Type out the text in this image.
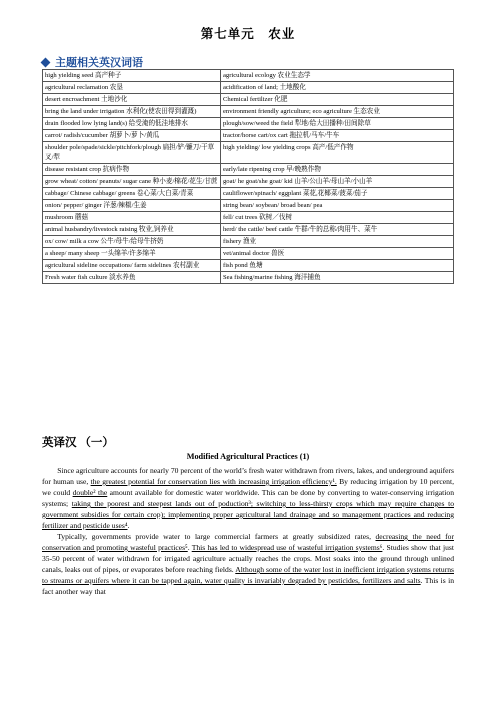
第七单元　农业
主题相关英汉词语
high yielding seed 高产种子	agricultural ecology 农业生态学
agricultural reclamation 农垦	acidification of land; 土地酸化
desert encroachment 土地沙化	Chemical fertilizer 化肥
bring the land under irrigation 水利化(使农田得到灌溉)	environment friendly agriculture; eco agriculture 生态农业
drain flooded low lying land(s) 给受淹的低洼地排水	plough/sow/weed the field 犁地/给大田播种/田间除草
carrot/ radish/cucumber 胡萝卜/萝卜/黄瓜	tractor/horse cart/ox cart 拖拉机/马车/牛车
shoulder pole/spade/sickle/pitchfork/plough 扁担/铲/镰刀/干草叉/犁	high yielding/ low yielding crops 高产/低产作物
disease resistant crop 抗病作物	early/late ripening crop 早/晚熟作物
grow wheat/ cotton/ peanuts/ sugar cane 种小麦/棉花/花生/甘蔗	goat/ he goat/she goat/ kid 山羊/公山羊/母山羊/小山羊
cabbage/ Chinese cabbage/ greens 卷心菜/大白菜/青菜	cauliflower/spinach/ eggplant 菜花,花椰菜/菠菜/茄子
onion/ pepper/ ginger 洋葱/辣椒/生姜	string bean/ soybean/ broad bean/ pea
mushroom 蘑菇	fell/ cut trees 砍树／伐树
animal husbandry/livestock raising 牧业,饲养业	herd/ the cattle/ beef cattle 牛群/牛的总称/肉用牛、菜牛
ox/ cow/ milk a cow 公牛/母牛/给母牛挤奶	fishery 渔业
a sheep/ many sheep 一头绵羊/许多绵羊	vet/animal doctor 兽医
agricultural sideline occupations/ farm sidelines 农村副业	fish pond 鱼塘
Fresh water fish culture 淡水养鱼	Sea fishing/marine fishing 海洋捕鱼
英译汉 （一）
Modified Agricultural Practices (1)

Since agriculture accounts for nearly 70 percent of the world’s fresh water withdrawn from rivers, lakes, and underground aquifers for human use, the greatest potential for conservation lies with increasing irrigation efficiency¹. By reducing irrigation by 10 percent, we could double² the amount available for domestic water worldwide. This can be done by converting to water-conserving irrigation systems; taking the poorest and steepest lands out of poduction³; switching to less-thirsty crops which may require changes to government subsidies for certain crop); implementing proper agricultural land drainage and so management practices and reducing fertilizer and pesticide uses⁴.

Typically, governments provide water to large commercial farmers at greatly subsidized rates, decreasing the need for conservation and promoting wasteful practices⁵. This has led to widespread use of wasteful irrigation systems⁶. Studies show that just 35-50 percent of water withdrawn for irrigated agriculture actually reaches the crops. Most soaks into the ground through unlined canals, leaks out of pipes, or evaporates before reaching fields. Although some of the water lost in inefficient irrigation systems returns to streams or aquifers where it can be tapped again, water quality is invariably degraded by pesticides, fertilizers and salts. This is in fact another way that
